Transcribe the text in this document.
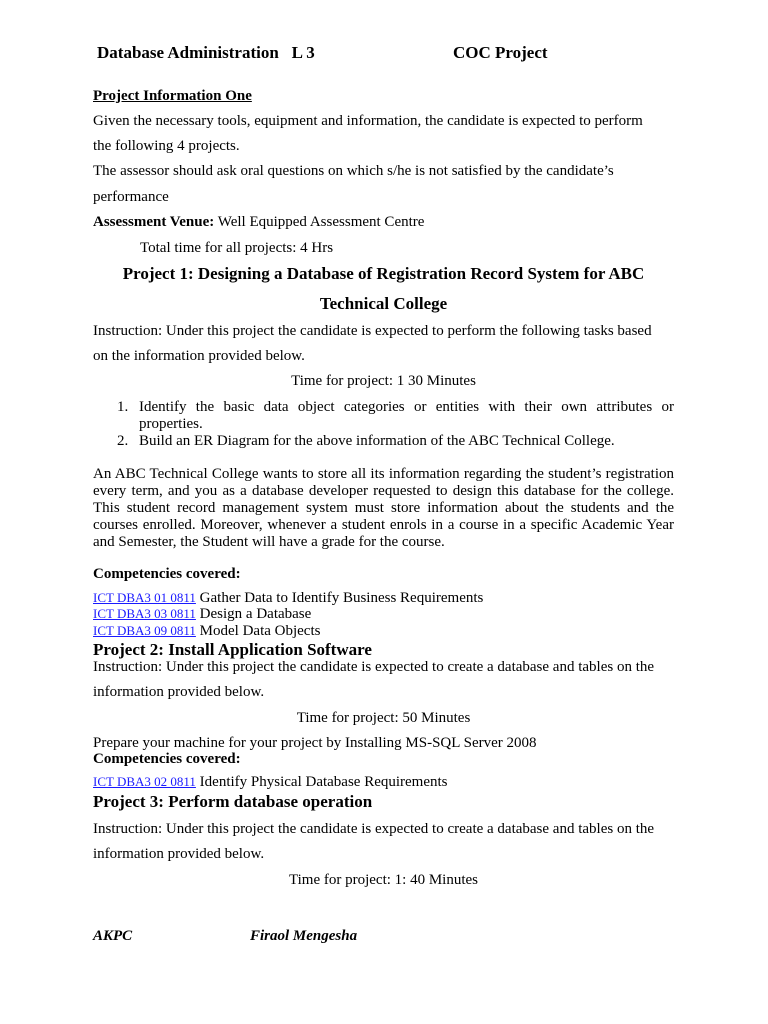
Database Administration L 3	COC Project
Project Information One
Given the necessary tools, equipment and information, the candidate is expected to perform
the following 4 projects.
The assessor should ask oral questions on which s/he is not satisfied by the candidate’s
performance
Assessment Venue: Well Equipped Assessment Centre
Total time for all projects: 4 Hrs
Project 1: Designing a Database of Registration Record System for ABC
Technical College
Instruction: Under this project the candidate is expected to perform the following tasks based
on the information provided below.
Time for project: 1 30 Minutes
1. Identify the basic data object categories or entities with their own attributes or properties.
2. Build an ER Diagram for the above information of the ABC Technical College.
An ABC Technical College wants to store all its information regarding the student’s registration every term, and you as a database developer requested to design this database for the college. This student record management system must store information about the students and the courses enrolled. Moreover, whenever a student enrols in a course in a specific Academic Year and Semester, the Student will have a grade for the course.
Competencies covered:
ICT DBA3 01 0811 Gather Data to Identify Business Requirements
ICT DBA3 03 0811 Design a Database
ICT DBA3 09 0811 Model Data Objects
Project 2: Install Application Software
Instruction: Under this project the candidate is expected to create a database and tables on the
information provided below.
Time for project: 50 Minutes
Prepare your machine for your project by Installing MS-SQL Server 2008
Competencies covered:
ICT DBA3 02 0811 Identify Physical Database Requirements
Project 3: Perform database operation
Instruction: Under this project the candidate is expected to create a database and tables on the
information provided below.
Time for project: 1: 40 Minutes
AKPC	Firaol Mengesha
